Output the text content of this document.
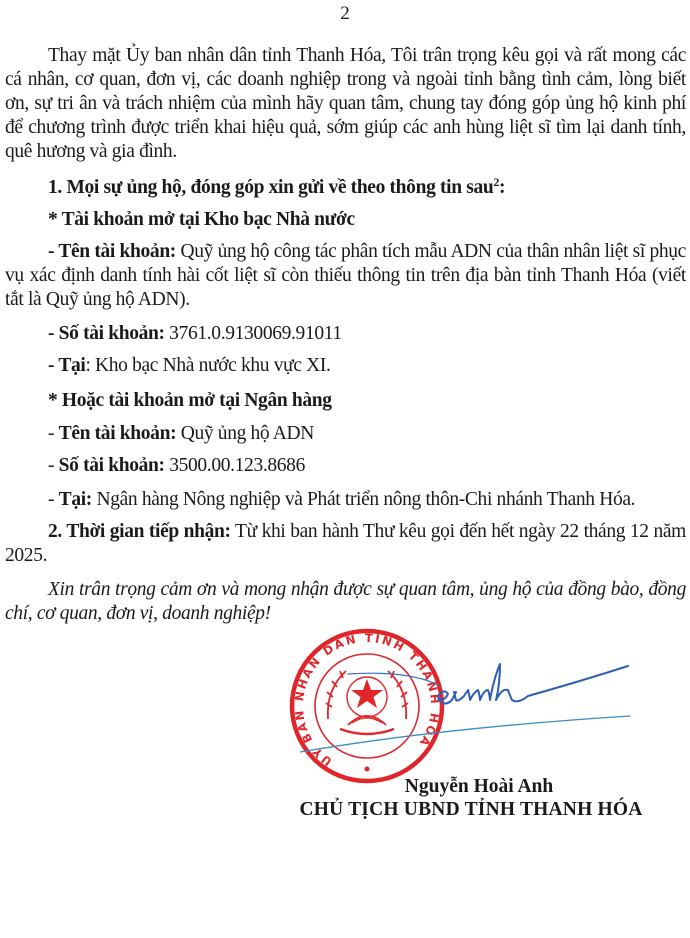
2
Thay mặt Ủy ban nhân dân tỉnh Thanh Hóa, Tôi trân trọng kêu gọi và rất mong các cá nhân, cơ quan, đơn vị, các doanh nghiệp trong và ngoài tỉnh bằng tình cảm, lòng biết ơn, sự tri ân và trách nhiệm của mình hãy quan tâm, chung tay đóng góp ủng hộ kinh phí để chương trình được triển khai hiệu quả, sớm giúp các anh hùng liệt sĩ tìm lại danh tính, quê hương và gia đình.
1. Mọi sự ủng hộ, đóng góp xin gửi về theo thông tin sau$^2$:
* Tài khoản mở tại Kho bạc Nhà nước
- Tên tài khoản: Quỹ ủng hộ công tác phân tích mẫu ADN của thân nhân liệt sĩ phục vụ xác định danh tính hài cốt liệt sĩ còn thiếu thông tin trên địa bàn tỉnh Thanh Hóa (viết tắt là Quỹ ủng hộ ADN).
- Số tài khoản: 3761.0.9130069.91011
- Tại: Kho bạc Nhà nước khu vực XI.
* Hoặc tài khoản mở tại Ngân hàng
- Tên tài khoản: Quỹ ủng hộ ADN
- Số tài khoản: 3500.00.123.8686
- Tại: Ngân hàng Nông nghiệp và Phát triển nông thôn-Chi nhánh Thanh Hóa.
2. Thời gian tiếp nhận: Từ khi ban hành Thư kêu gọi đến hết ngày 22 tháng 12 năm 2025.
Xin trân trọng cảm ơn và mong nhận được sự quan tâm, ủng hộ của đồng bào, đồng chí, cơ quan, đơn vị, doanh nghiệp!
ỦY BAN NHÂN DÂN TỈNH THANH HÓA
Nguyễn Hoài Anh
CHỦ TỊCH UBND TỈNH THANH HÓA
